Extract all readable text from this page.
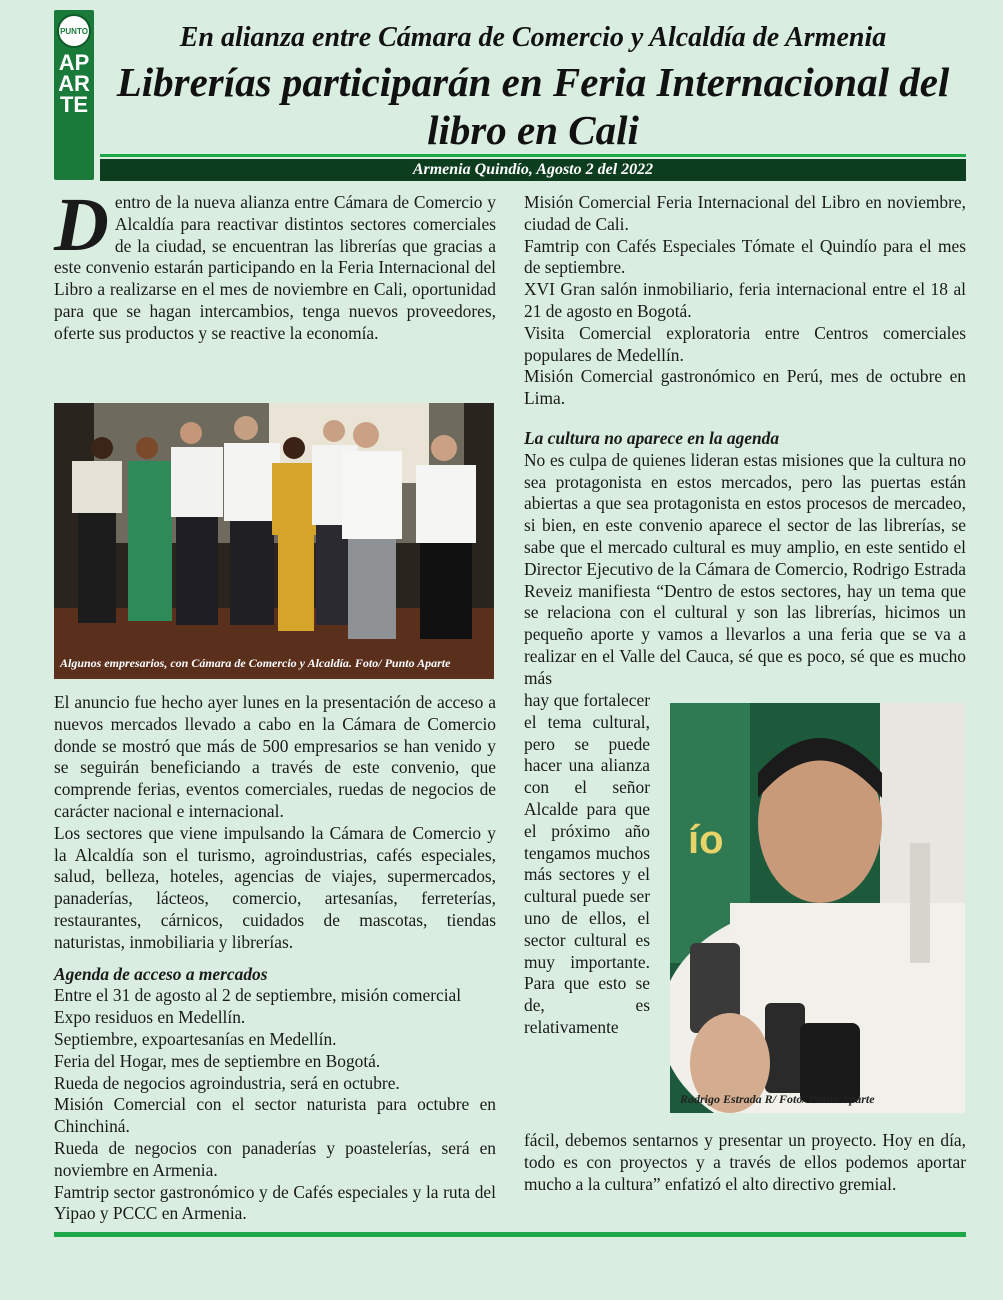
PUNTO
APARTE
En alianza entre Cámara de Comercio y Alcaldía de Armenia
Librerías participarán en Feria Internacional del libro en Cali
Armenia Quindío, Agosto 2 del 2022
D entro de la nueva alianza entre Cámara de Comercio y Alcaldía para reactivar distintos sectores comerciales de la ciudad, se encuentran las librerías que gracias a este convenio estarán participando en la Feria Internacional del Libro a realizarse en el mes de noviembre en Cali, oportunidad para que se hagan intercambios, tenga nuevos proveedores, oferte sus productos y se reactive la economía.
Algunos empresarios, con Cámara de Comercio y Alcaldía. Foto/ Punto Aparte

El anuncio fue hecho ayer lunes en la presentación de acceso a nuevos mercados llevado a cabo en la Cámara de Comercio donde se mostró que más de 500 empresarios se han venido y se seguirán beneficiando a través de este convenio, que comprende ferias, eventos comerciales, ruedas de negocios de carácter nacional e internacional.

Los sectores que viene impulsando la Cámara de Comercio y la Alcaldía son el turismo, agroindustrias, cafés especiales, salud, belleza, hoteles, agencias de viajes, supermercados, panaderías, lácteos, comercio, artesanías, ferreterías, restaurantes, cárnicos, cuidados de mascotas, tiendas naturistas, inmobiliaria y librerías.

Agenda de acceso a mercados

Entre el 31 de agosto al 2 de septiembre, misión comercial Expo residuos en Medellín.
Septiembre, expoartesanías en Medellín.
Feria del Hogar, mes de septiembre en Bogotá.
Rueda de negocios agroindustria, será en octubre.
Misión Comercial con el sector naturista para octubre en Chinchiná.
Rueda de negocios con panaderías y poastelerías, será en noviembre en Armenia.
Famtrip sector gastronómico y de Cafés especiales y la ruta del Yipao y PCCC en Armenia.
Misión Comercial Feria Internacional del Libro en noviembre, ciudad de Cali.
Famtrip con Cafés Especiales Tómate el Quindío para el mes de septiembre.
XVI Gran salón inmobiliario, feria internacional entre el 18 al 21 de agosto en Bogotá.
Visita Comercial exploratoria entre Centros comerciales populares de Medellín.
Misión Comercial gastronómico en Perú, mes de octubre en Lima.

La cultura no aparece en la agenda

No es culpa de quienes lideran estas misiones que la cultura no sea protagonista en estos mercados, pero las puertas están abiertas a que sea protagonista en estos procesos de mercadeo, si bien, en este convenio aparece el sector de las librerías, se sabe que el mercado cultural es muy amplio, en este sentido el Director Ejecutivo de la Cámara de Comercio, Rodrigo Estrada Reveiz manifiesta “Dentro de estos sectores, hay un tema que se relaciona con el cultural y son las librerías, hicimos un pequeño aporte y vamos a llevarlos a una feria que se va a realizar en el Valle del Cauca, sé que es poco, sé que es mucho más

hay que fortalecer el tema cultural, pero se puede hacer una alianza con el señor Alcalde para que el próximo año tengamos muchos más sectores y el cultural puede ser uno de ellos, el sector cultural es muy importante. Para que esto se de, es relativamente
ío
Rodrigo Estrada R/ Foto/ Punto Aparte
fácil, debemos sentarnos y presentar un proyecto. Hoy en día, todo es con proyectos y a través de ellos podemos aportar mucho a la cultura” enfatizó el alto directivo gremial.
